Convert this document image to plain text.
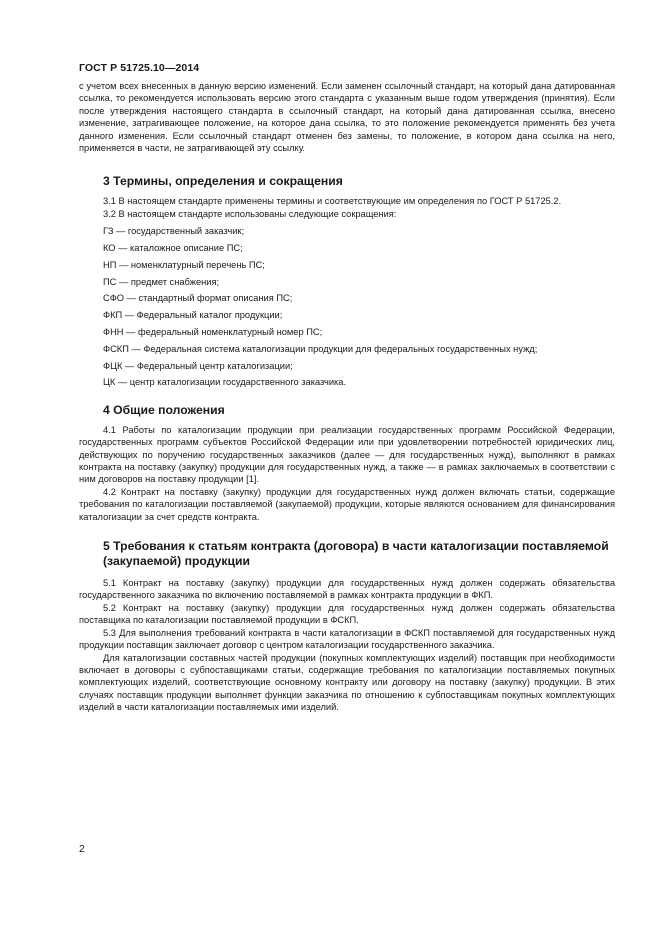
ГОСТ Р 51725.10—2014

с учетом всех внесенных в данную версию изменений. Если заменен ссылочный стандарт, на который дана датированная ссылка, то рекомендуется использовать версию этого стандарта с указанным выше годом утверждения (принятия). Если после утверждения настоящего стандарта в ссылочный стандарт, на который дана датированная ссылка, внесено изменение, затрагивающее положение, на которое дана ссылка, то это положение рекомендуется применять без учета данного изменения. Если ссылочный стандарт отменен без замены, то положение, в котором дана ссылка на него, применяется в части, не затрагивающей эту ссылку.

3 Термины, определения и сокращения

3.1 В настоящем стандарте применены термины и соответствующие им определения по ГОСТ Р 51725.2.

3.2 В настоящем стандарте использованы следующие сокращения:

ГЗ — государственный заказчик;

КО — каталожное описание ПС;

НП — номенклатурный перечень ПС;

ПС — предмет снабжения;

СФО — стандартный формат описания ПС;

ФКП — Федеральный каталог продукции;

ФНН — федеральный номенклатурный номер ПС;

ФСКП — Федеральная система каталогизации продукции для федеральных государственных нужд;

ФЦК — Федеральный центр каталогизации;

ЦК — центр каталогизации государственного заказчика.

4 Общие положения

4.1 Работы по каталогизации продукции при реализации государственных программ Российской Федерации, государственных программ субъектов Российской Федерации или при удовлетворении потребностей юридических лиц, действующих по поручению государственных заказчиков (далее — для государственных нужд), выполняют в рамках контракта на поставку (закупку) продукции для государственных нужд, а также — в рамках заключаемых в соответствии с ним договоров на поставку продукции [1].

4.2 Контракт на поставку (закупку) продукции для государственных нужд должен включать статьи, содержащие требования по каталогизации поставляемой (закупаемой) продукции, которые являются основанием для финансирования каталогизации за счет средств контракта.

5 Требования к статьям контракта (договора) в части каталогизации поставляемой (закупаемой) продукции

5.1 Контракт на поставку (закупку) продукции для государственных нужд должен содержать обязательства государственного заказчика по включению поставляемой в рамках контракта продукции в ФКП.

5.2 Контракт на поставку (закупку) продукции для государственных нужд должен содержать обязательства поставщика по каталогизации поставляемой продукции в ФСКП.

5.3 Для выполнения требований контракта в части каталогизации в ФСКП поставляемой для государственных нужд продукции поставщик заключает договор с центром каталогизации государственного заказчика.

Для каталогизации составных частей продукции (покупных комплектующих изделий) поставщик при необходимости включает в договоры с субпоставщиками статьи, содержащие требования по каталогизации поставляемых покупных комплектующих изделий, соответствующие основному контракту или договору на поставку (закупку) продукции. В этих случаях поставщик продукции выполняет функции заказчика по отношению к субпоставщикам покупных комплектующих изделий в части каталогизации поставляемых ими изделий.

2
